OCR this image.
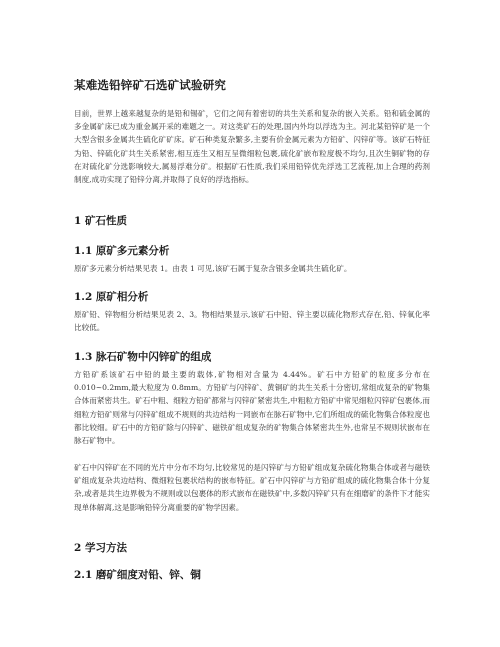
某难选铅锌矿石选矿试验研究

目前，世界上越来越复杂的是铅和锡矿，它们之间有着密切的共生关系和复杂的嵌入关系。铅和硫金属的多金属矿床已成为重金属开采的难题之一。对这类矿石的处理,国内外均以浮选为主。河北某铅锌矿是一个大型含银多金属共生硫化矿矿床。矿石种类复杂繁多,主要有价金属元素为方铅矿、闪锌矿等。该矿石特征为铅、锌硫化矿共生关系紧密,相互连生又相互呈微细粒包裹,硫化矿嵌布粒度极不均匀,且次生铜矿物的存在对硫化矿分选影响较大,属易浮难分矿。根据矿石性质,我们采用铅锌优先浮选工艺流程,加上合理的药剂制度,成功实现了铅锌分离,并取得了良好的浮选指标。

1 矿石性质
1.1 原矿多元素分析

原矿多元素分析结果见表 1。由表 1 可见,该矿石属于复杂含银多金属共生硫化矿。

1.2 原矿相分析

原矿铅、锌物相分析结果见表 2、3。物相结果显示,该矿石中铅、锌主要以硫化物形式存在,铅、锌氧化率比较低。

1.3 脉石矿物中闪锌矿的组成

方铅矿系该矿石中铅的最主要的载体,矿物相对含量为 4.44%。矿石中方铅矿的粒度多分布在 0.010~0.2mm,最大粒度为 0.8mm。方铅矿与闪锌矿、黄铜矿的共生关系十分密切,常组成复杂的矿物集合体而紧密共生。矿石中粗、细粒方铅矿都常与闪锌矿紧密共生,中粗粒方铅矿中常见细粒闪锌矿包裹体,而细粒方铅矿则常与闪锌矿组成不规则的共边结构一同嵌布在脉石矿物中,它们所组成的硫化物集合体粒度也都比较细。矿石中的方铅矿除与闪锌矿、磁铁矿组成复杂的矿物集合体紧密共生外,也常呈不规则状嵌布在脉石矿物中。

矿石中闪锌矿在不同的光片中分布不均匀,比较常见的是闪锌矿与方铅矿组成复杂硫化物集合体或者与磁铁矿组成复杂共边结构、微细粒包裹状结构的嵌布特征。矿石中闪锌矿与方铅矿组成的硫化物集合体十分复杂,或者是共生边界极为不规则或以包裹体的形式嵌布在磁铁矿中,多数闪锌矿只有在细磨矿的条件下才能实现单体解离,这是影响铅锌分离重要的矿物学因素。

2 学习方法
2.1 磨矿细度对铅、锌、铜
